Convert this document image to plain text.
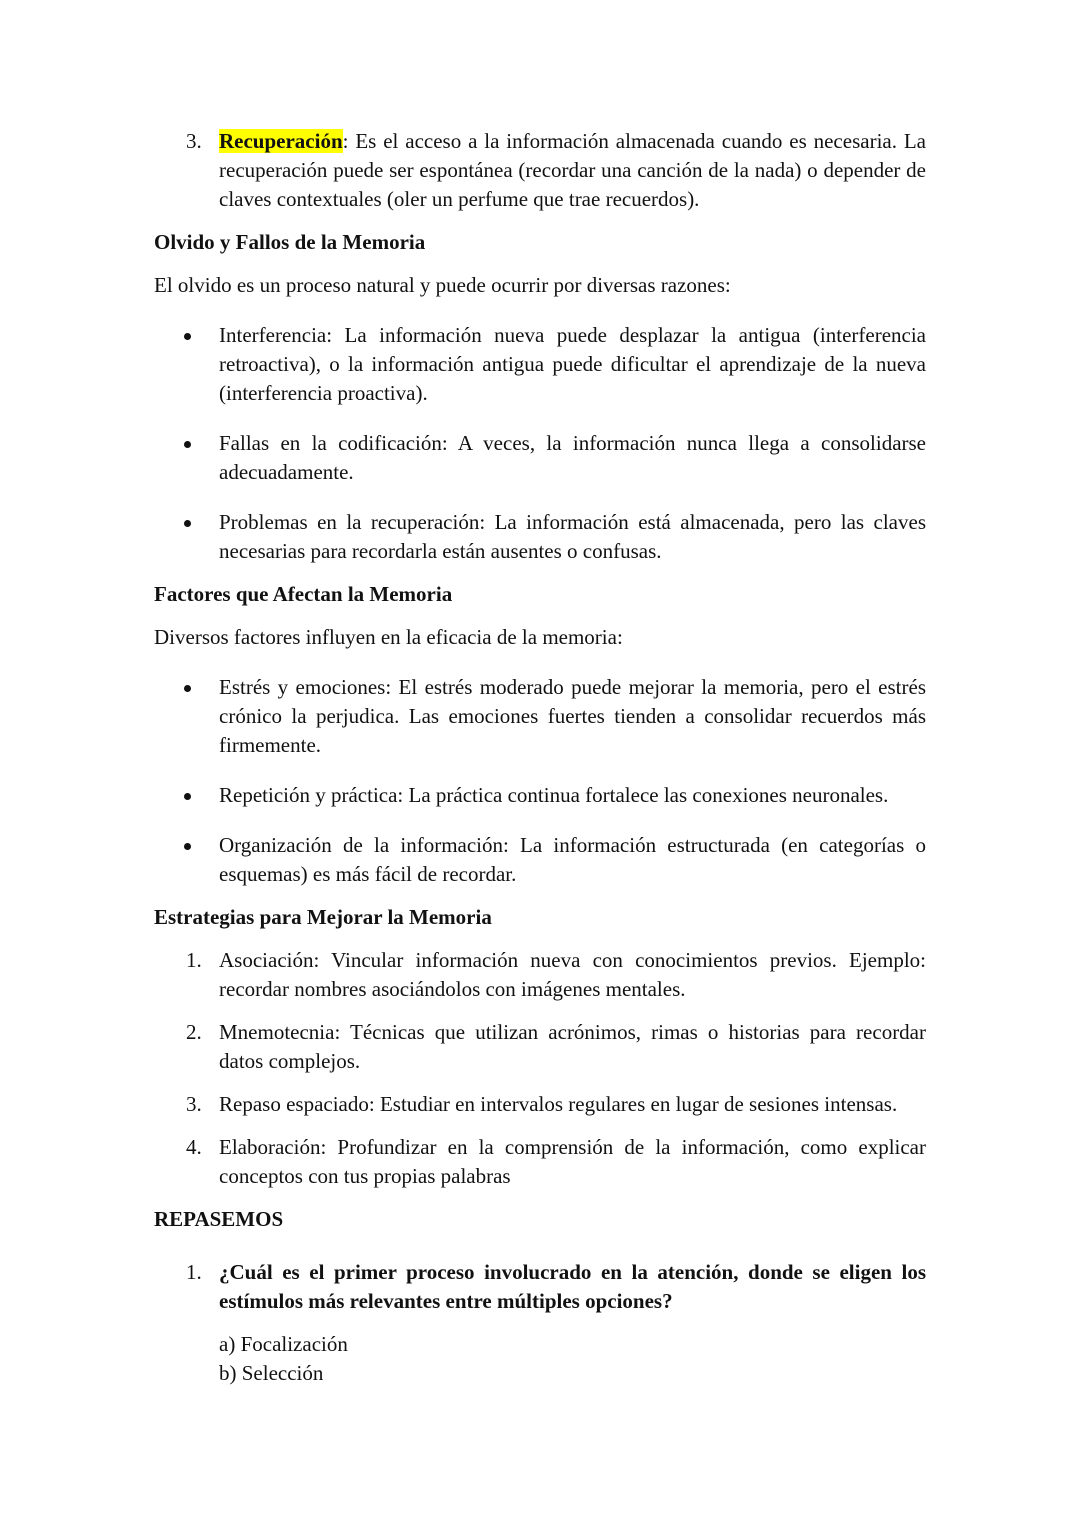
3. Recuperación: Es el acceso a la información almacenada cuando es necesaria. La recuperación puede ser espontánea (recordar una canción de la nada) o depender de claves contextuales (oler un perfume que trae recuerdos).
Olvido y Fallos de la Memoria
El olvido es un proceso natural y puede ocurrir por diversas razones:
Interferencia: La información nueva puede desplazar la antigua (interferencia retroactiva), o la información antigua puede dificultar el aprendizaje de la nueva (interferencia proactiva).
Fallas en la codificación: A veces, la información nunca llega a consolidarse adecuadamente.
Problemas en la recuperación: La información está almacenada, pero las claves necesarias para recordarla están ausentes o confusas.
Factores que Afectan la Memoria
Diversos factores influyen en la eficacia de la memoria:
Estrés y emociones: El estrés moderado puede mejorar la memoria, pero el estrés crónico la perjudica. Las emociones fuertes tienden a consolidar recuerdos más firmemente.
Repetición y práctica: La práctica continua fortalece las conexiones neuronales.
Organización de la información: La información estructurada (en categorías o esquemas) es más fácil de recordar.
Estrategias para Mejorar la Memoria
1. Asociación: Vincular información nueva con conocimientos previos. Ejemplo: recordar nombres asociándolos con imágenes mentales.
2. Mnemotecnia: Técnicas que utilizan acrónimos, rimas o historias para recordar datos complejos.
3. Repaso espaciado: Estudiar en intervalos regulares en lugar de sesiones intensas.
4. Elaboración: Profundizar en la comprensión de la información, como explicar conceptos con tus propias palabras
REPASEMOS
1. ¿Cuál es el primer proceso involucrado en la atención, donde se eligen los estímulos más relevantes entre múltiples opciones?
a) Focalización
b) Selección
